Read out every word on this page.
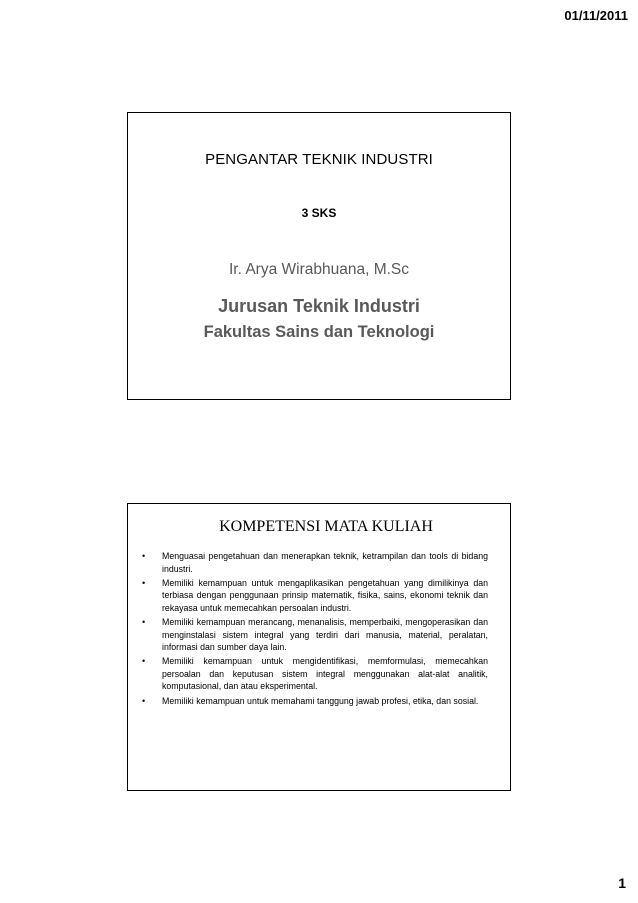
01/11/2011
PENGANTAR TEKNIK INDUSTRI
3 SKS
Ir. Arya Wirabhuana, M.Sc
Jurusan Teknik Industri
Fakultas Sains dan Teknologi
KOMPETENSI MATA KULIAH
• Menguasai pengetahuan dan menerapkan teknik, ketrampilan dan tools di bidang industri.
• Memiliki kemampuan untuk mengaplikasikan pengetahuan yang dimilikinya dan terbiasa dengan penggunaan prinsip matematik, fisika, sains, ekonomi teknik dan rekayasa untuk memecahkan persoalan industri.
• Memiliki kemampuan merancang, menanalisis, memperbaiki, mengoperasikan dan menginstalasi sistem integral yang terdiri dari manusia, material, peralatan, informasi dan sumber daya lain.
• Memiliki kemampuan untuk mengidentifikasi, memformulasi, memecahkan persoalan dan keputusan sistem integral menggunakan alat-alat analitik, komputasional, dan atau eksperimental.
• Memiliki kemampuan untuk memahami tanggung jawab profesi, etika, dan sosial.
1
